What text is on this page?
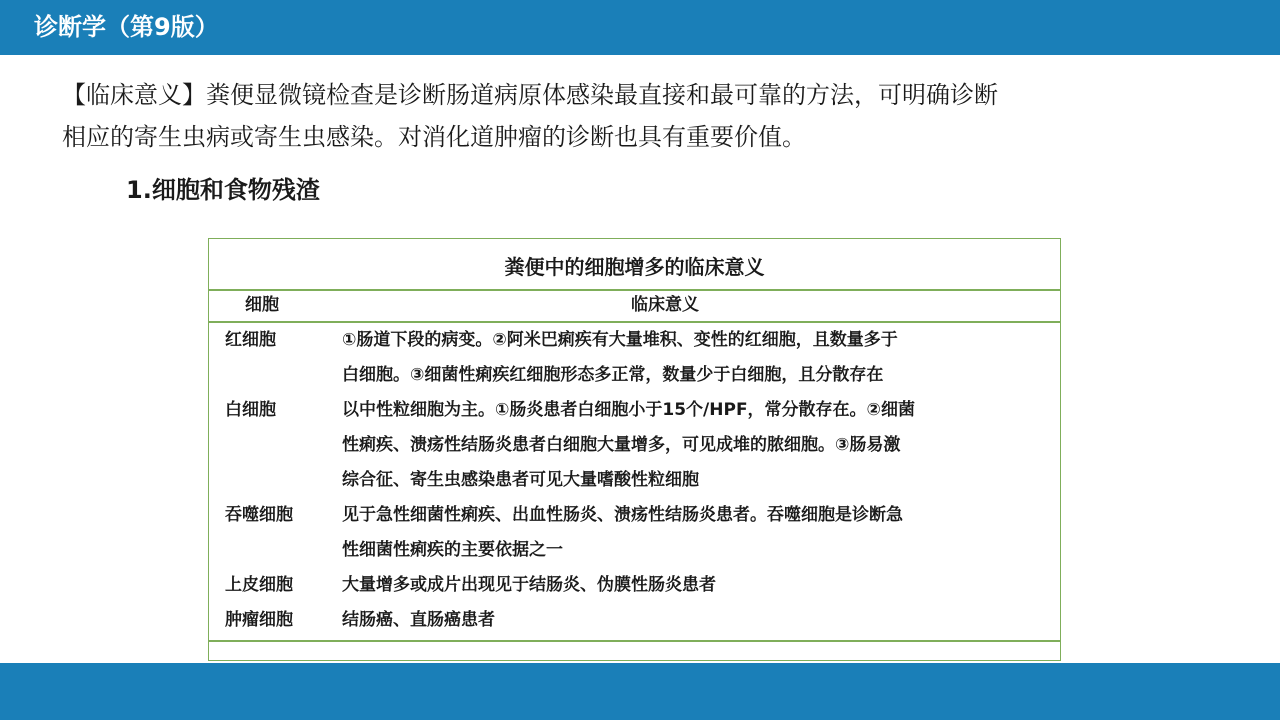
诊断学（第9版）

【临床意义】粪便显微镜检查是诊断肠道病原体感染最直接和最可靠的方法，可明确诊断

相应的寄生虫病或寄生虫感染。对消化道肿瘤的诊断也具有重要价值。

1.细胞和食物残渣
粪便中的细胞增多的临床意义
细胞	临床意义
红细胞	①肠道下段的病变。②阿米巴痢疾有大量堆积、变性的红细胞，且数量多于
白细胞。③细菌性痢疾红细胞形态多正常，数量少于白细胞，且分散存在
白细胞	以中性粒细胞为主。①肠炎患者白细胞小于15个/HPF，常分散存在。②细菌
性痢疾、溃疡性结肠炎患者白细胞大量增多，可见成堆的脓细胞。③肠易激
综合征、寄生虫感染患者可见大量嗜酸性粒细胞
吞噬细胞	见于急性细菌性痢疾、出血性肠炎、溃疡性结肠炎患者。吞噬细胞是诊断急
性细菌性痢疾的主要依据之一
上皮细胞	大量增多或成片出现见于结肠炎、伪膜性肠炎患者
肿瘤细胞	结肠癌、直肠癌患者
